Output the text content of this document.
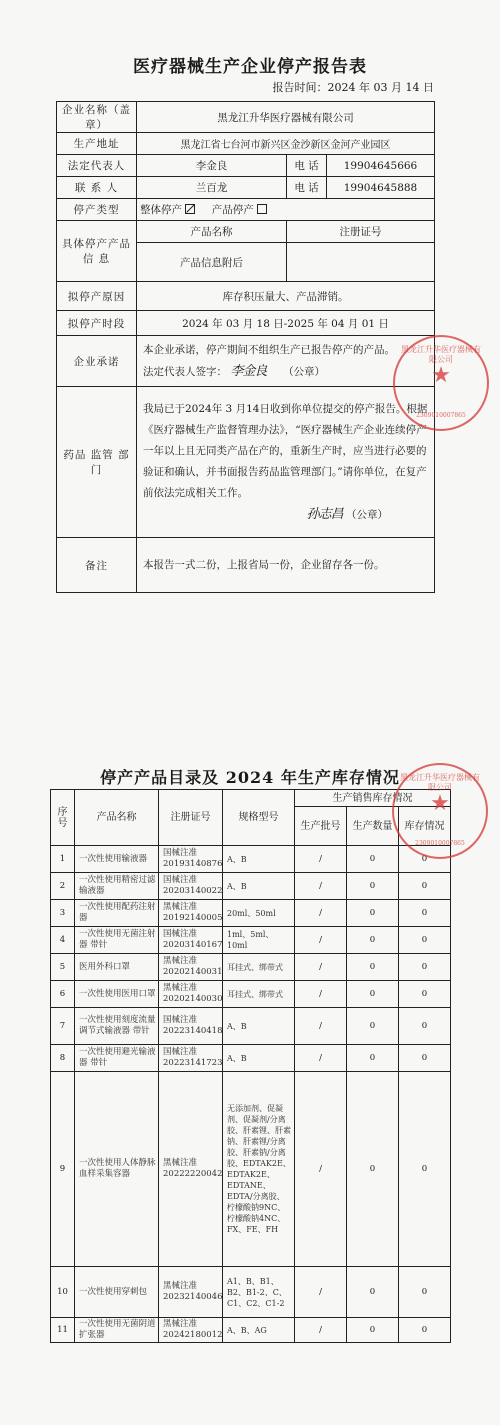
医疗器械生产企业停产报告表
报告时间：2024 年 03 月 14 日
企业名称（盖章）	黑龙江升华医疗器械有限公司		
生产地址	黑龙江省七台河市新兴区金沙新区金河产业园区		
法定代表人	李金良	电 话	19904645666
联 系 人	兰百龙	电 话	19904645888
停产类型	整体停产 产品停产		
具体停产产品 信 息	产品名称	注册证号	
	产品信息附后		
拟停产原因	库存积压量大、产品滞销。		
拟停产时段	2024 年 03 月 18 日-2025 年 04 月 01 日		
企业承诺	本企业承诺，停产期间不组织生产已报告停产的产品。
法定代表人签字： 李金良 （公章）		

药品 监管 部门	我局已于2024年 3 月14日收到你单位提交的停产报告。根据《医疗器械生产监督管理办法》，“医疗器械生产企业连续停产一年以上且无同类产品在产的，重新生产时，应当进行必要的验证和确认，并书面报告药品监管理部门。”请你单位，在复产前依法完成相关工作。
孙志昌 （公章）		

备注	本报告一式二份，上报省局一份，企业留存各一份。		
黑龙江升华医疗器械有限公司
★
2309010007865
停产产品目录及 2024 年生产库存情况
序号	产品名称	注册证号	规格型号	生产销售库存情况		
				生产批号	生产数量	库存情况
1	一次性使用输液器	国械注准 20193140876	A、B	/	0	0
2	一次性使用精密过滤输液器	国械注准 20203140022	A、B	/	0	0
3	一次性使用配药注射器	黑械注准 20192140005	20ml、50ml	/	0	0
4	一次性使用无菌注射器 带针	国械注准 20203140167	1ml、5ml、10ml	/	0	0
5	医用外科口罩	黑械注准 20202140031	耳挂式、绑带式	/	0	0
6	一次性使用医用口罩	黑械注准 20202140030	耳挂式、绑带式	/	0	0
7	一次性使用刻度流量调节式输液器 带针	国械注准 20223140418	A、B	/	0	0
8	一次性使用避光输液器 带针	国械注准 20223141723	A、B	/	0	0
9	一次性使用人体静脉血样采集容器	黑械注准 20222220042	无添加剂、促凝剂、促凝剂/分离胶、肝素锂、肝素钠、肝素锂/分离胶、肝素钠/分离胶、EDTAK2E、EDTAK2E、EDTANE、EDTA/分离胶、柠檬酸钠9NC、柠檬酸钠4NC、FX、FE、FH	/	0	0
10	一次性使用穿刺包	黑械注准 20232140046	A1、B、B1、B2、B1-2、C、C1、C2、C1-2	/	0	0
11	一次性使用无菌阴道扩张器	黑械注准 20242180012	A、B、AG	/	0	0
黑龙江升华医疗器械有限公司
★
2309010007865
